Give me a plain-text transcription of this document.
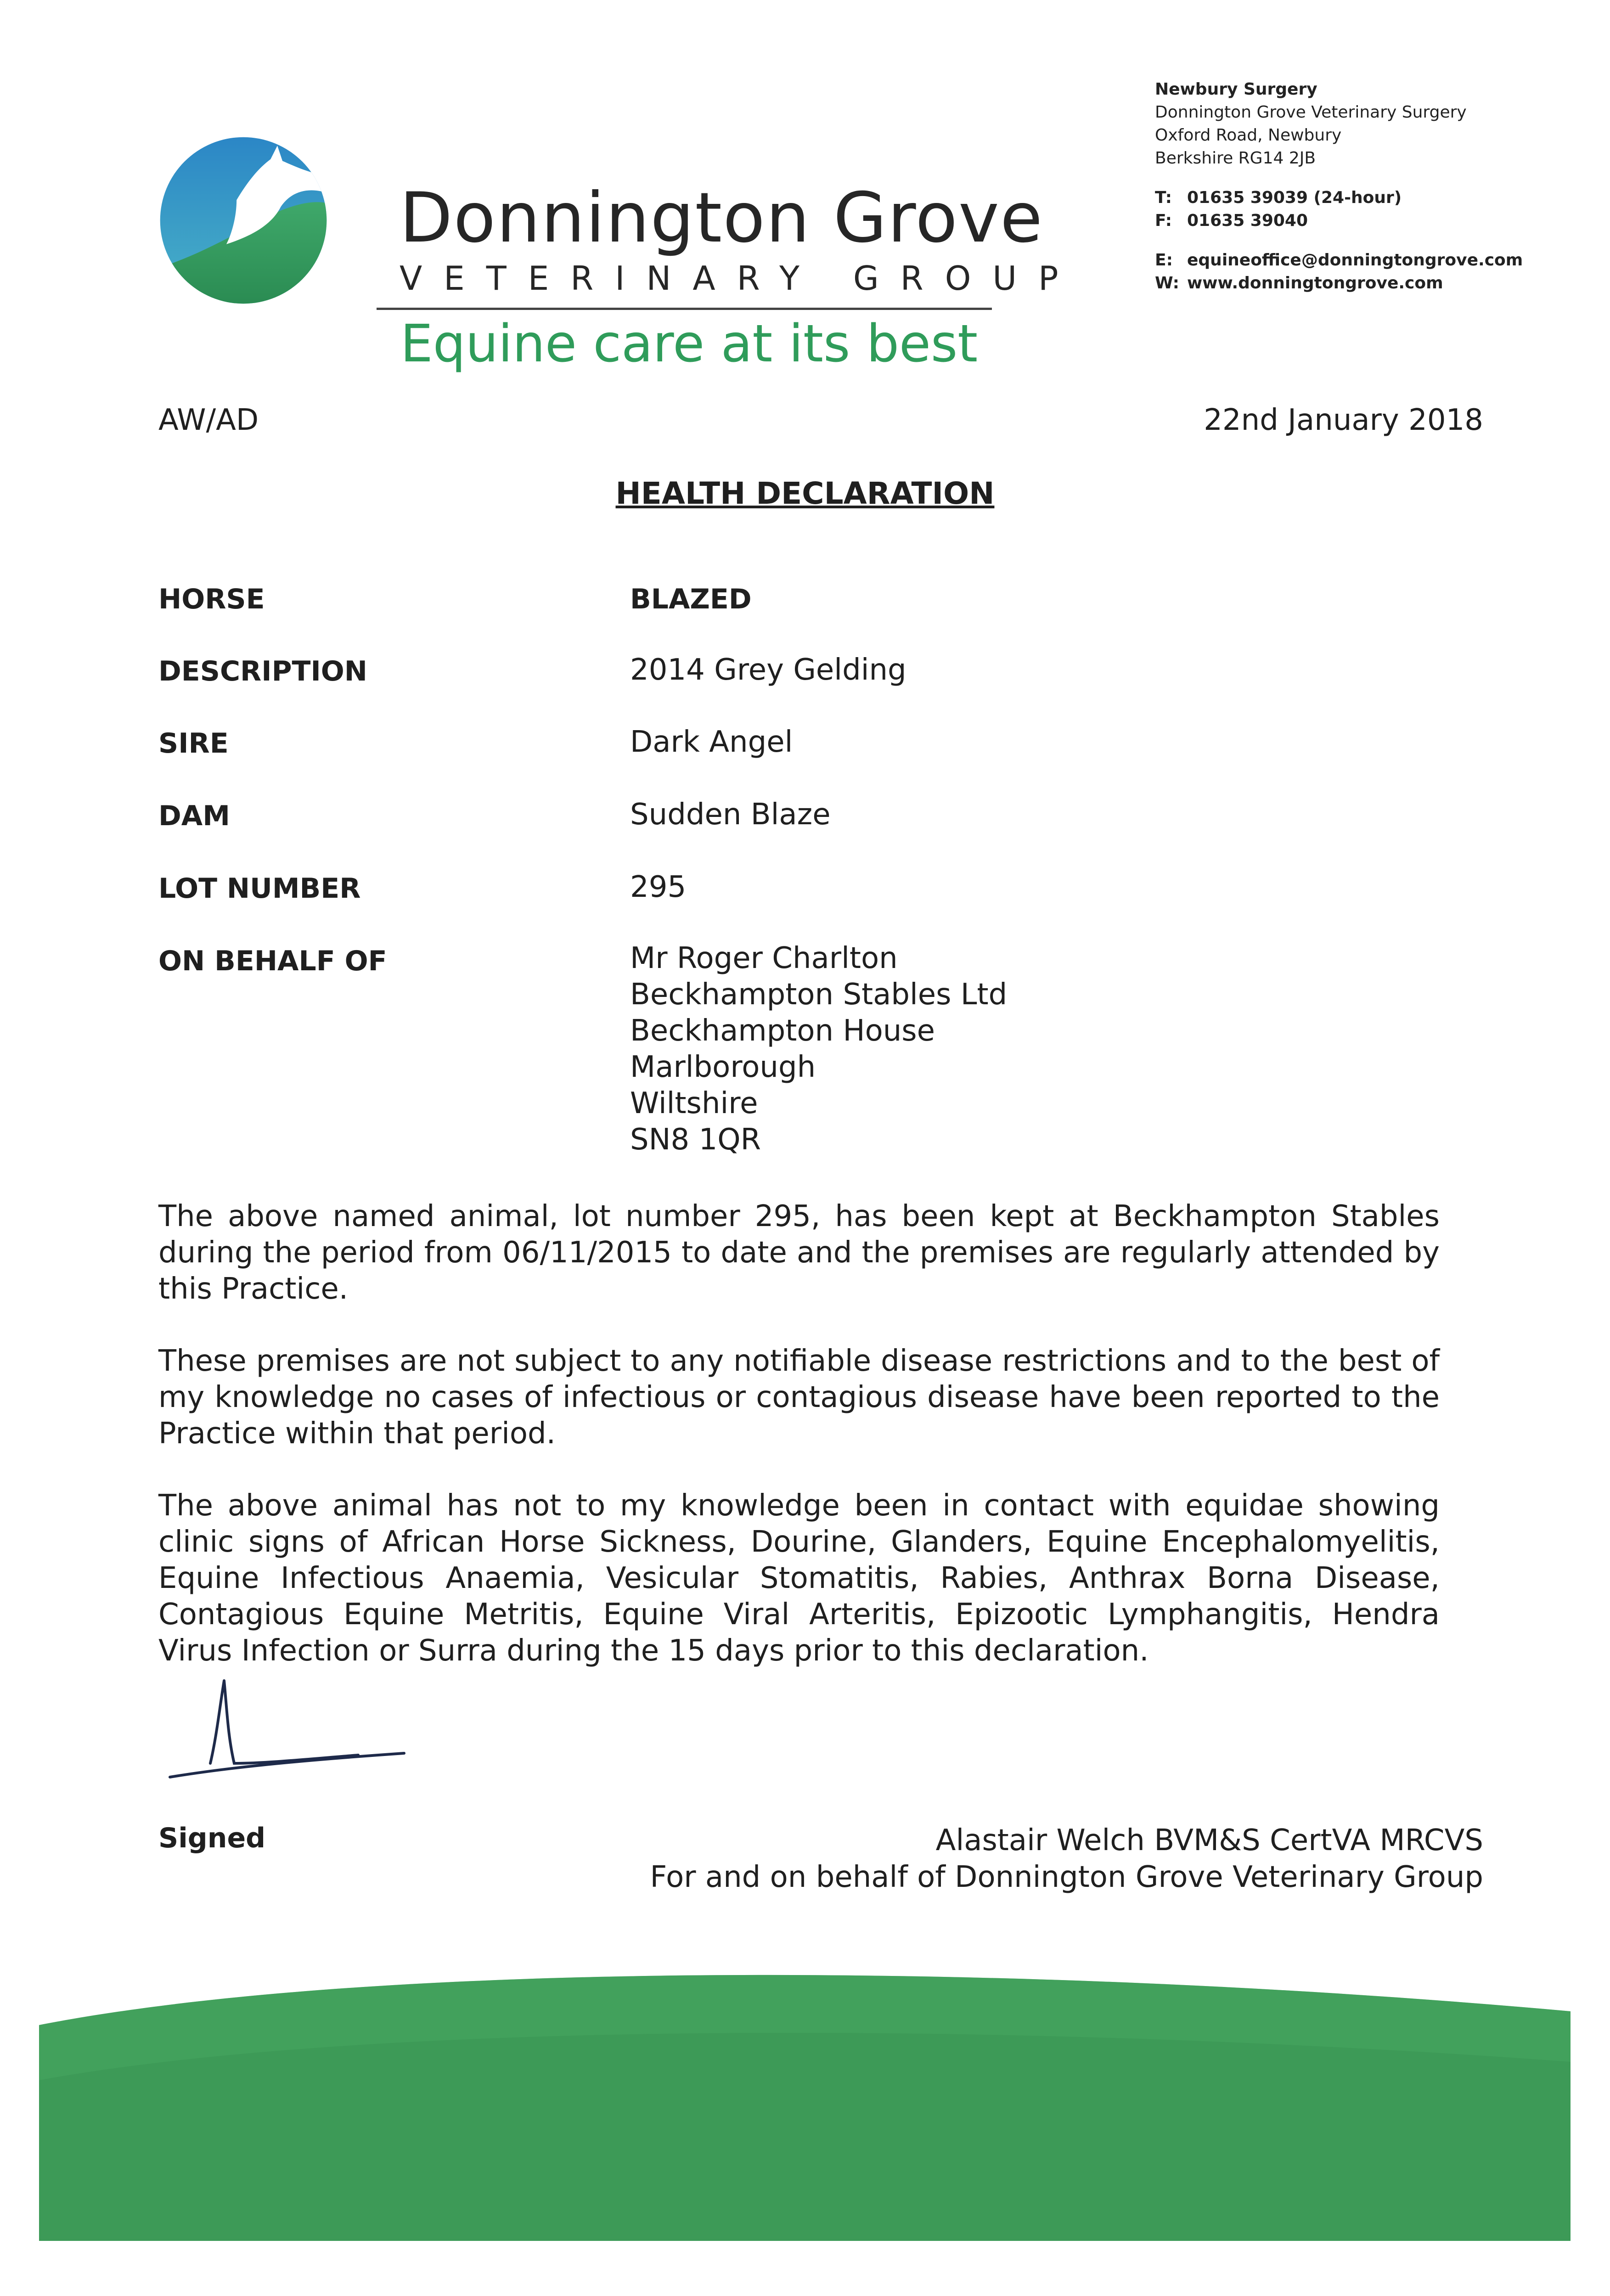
Donnington Grove
VETERINARY GROUP
Equine care at its best
Newbury Surgery
Donnington Grove Veterinary Surgery
Oxford Road, Newbury
Berkshire RG14 2JB
T: 01635 39039 (24-hour)
F: 01635 39040
E: equineoffice@donningtongrove.com
W: www.donningtongrove.com
AW/AD	22nd January 2018
HEALTH DECLARATION
HORSE	BLAZED
DESCRIPTION	2014 Grey Gelding
SIRE	Dark Angel
DAM	Sudden Blaze
LOT NUMBER	295
ON BEHALF OF	Mr Roger Charlton
Beckhampton Stables Ltd
Beckhampton House
Marlborough
Wiltshire
SN8 1QR
The above named animal, lot number 295, has been kept at Beckhampton Stables during the period from 06/11/2015 to date and the premises are regularly attended by this Practice.
These premises are not subject to any notifiable disease restrictions and to the best of my knowledge no cases of infectious or contagious disease have been reported to the Practice within that period.
The above animal has not to my knowledge been in contact with equidae showing clinic signs of African Horse Sickness, Dourine, Glanders, Equine Encephalomyelitis, Equine Infectious Anaemia, Vesicular Stomatitis, Rabies, Anthrax Borna Disease, Contagious Equine Metritis, Equine Viral Arteritis, Epizootic Lymphangitis, Hendra Virus Infection or Surra during the 15 days prior to this declaration.
Signed	Alastair Welch BVM&S CertVA MRCVS
For and on behalf of Donnington Grove Veterinary Group
